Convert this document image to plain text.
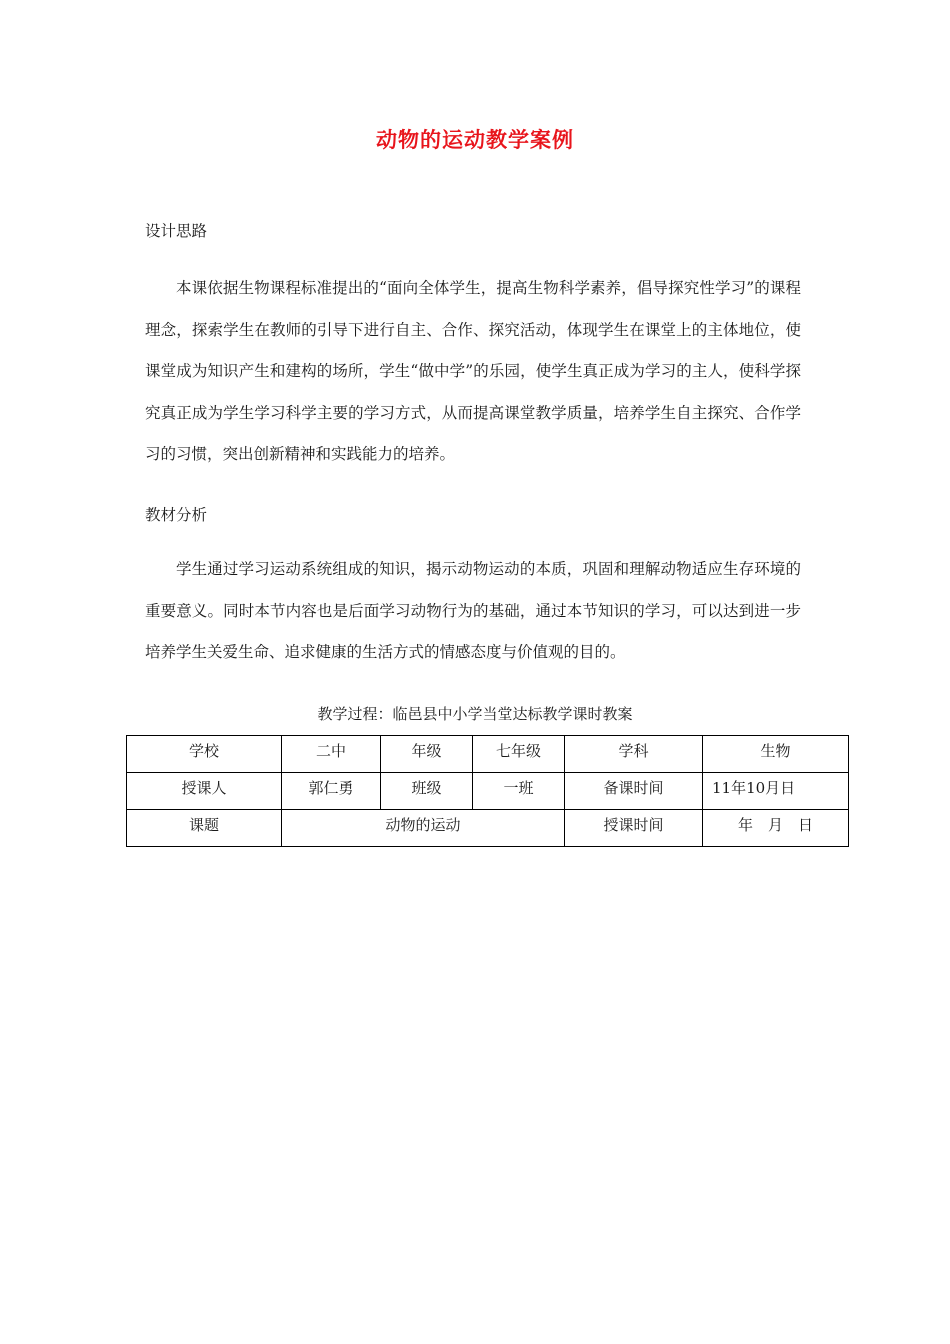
动物的运动教学案例
设计思路

本课依据生物课程标准提出的“面向全体学生，提高生物科学素养，倡导探究性学习”的课程理念，探索学生在教师的引导下进行自主、合作、探究活动，体现学生在课堂上的主体地位，使课堂成为知识产生和建构的场所，学生“做中学”的乐园，使学生真正成为学习的主人，使科学探究真正成为学生学习科学主要的学习方式，从而提高课堂教学质量，培养学生自主探究、合作学习的习惯，突出创新精神和实践能力的培养。

教材分析

学生通过学习运动系统组成的知识，揭示动物运动的本质，巩固和理解动物适应生存环境的重要意义。同时本节内容也是后面学习动物行为的基础，通过本节知识的学习，可以达到进一步培养学生关爱生命、追求健康的生活方式的情感态度与价值观的目的。

教学过程：临邑县中小学当堂达标教学课时教案
学校	二中	年级	七年级	学科	生物
授课人	郭仁勇	班级	一班	备课时间	11年10月日
课题	动物的运动			授课时间	年　月　日
